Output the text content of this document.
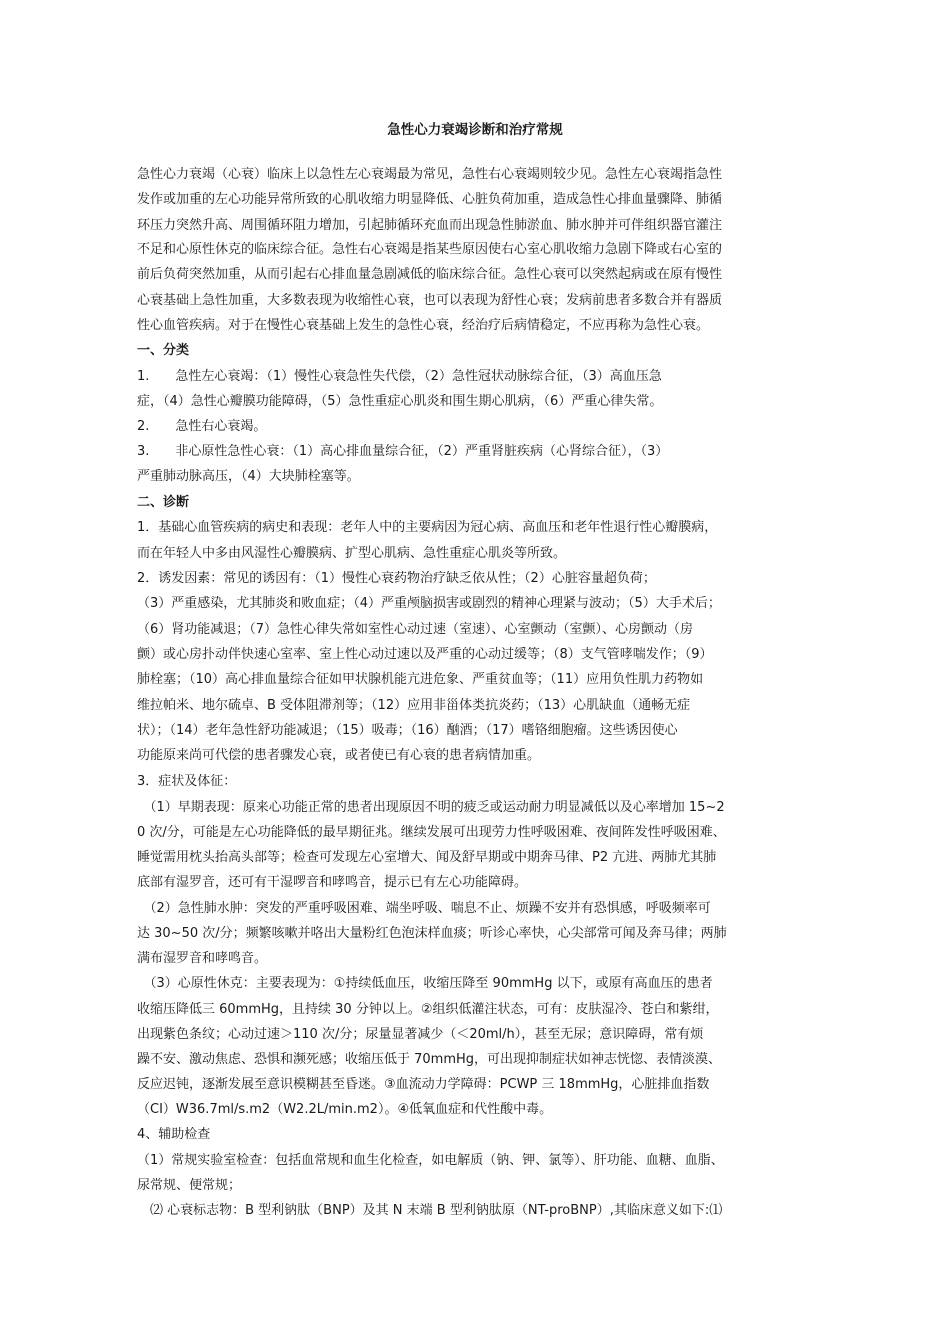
急性心力衰竭诊断和治疗常规
急性心力衰竭（心衰）临床上以急性左心衰竭最为常见，急性右心衰竭则较少见。急性左心衰竭指急性
发作或加重的左心功能异常所致的心肌收缩力明显降低、心脏负荷加重，造成急性心排血量骤降、肺循
环压力突然升高、周围循环阻力增加，引起肺循环充血而出现急性肺淤血、肺水肿并可伴组织器官灌注
不足和心原性休克的临床综合征。急性右心衰竭是指某些原因使右心室心肌收缩力急剧下降或右心室的
前后负荷突然加重，从而引起右心排血量急剧减低的临床综合征。急性心衰可以突然起病或在原有慢性
心衰基础上急性加重，大多数表现为收缩性心衰，也可以表现为舒性心衰；发病前患者多数合并有器质
性心血管疾病。对于在慢性心衰基础上发生的急性心衰，经治疗后病情稳定，不应再称为急性心衰。
一、分类
1.　　急性左心衰竭：（1）慢性心衰急性失代偿，（2）急性冠状动脉综合征，（3）高血压急
症，（4）急性心瓣膜功能障碍，（5）急性重症心肌炎和围生期心肌病，（6）严重心律失常。
2.　　急性右心衰竭。
3.　　非心原性急性心衰：（1）高心排血量综合征，（2）严重肾脏疾病（心肾综合征），（3）
严重肺动脉高压，（4）大块肺栓塞等。
二、诊断
1．基础心血管疾病的病史和表现：老年人中的主要病因为冠心病、高血压和老年性退行性心瓣膜病，
而在年轻人中多由风湿性心瓣膜病、扩型心肌病、急性重症心肌炎等所致。
2．诱发因素：常见的诱因有：（1）慢性心衰药物治疗缺乏依从性；（2）心脏容量超负荷；
（3）严重感染，尤其肺炎和败血症；（4）严重颅脑损害或剧烈的精神心理紧与波动；（5）大手术后；
（6）肾功能减退；（7）急性心律失常如室性心动过速（室速）、心室颤动（室颤）、心房颤动（房
颤）或心房扑动伴快速心室率、室上性心动过速以及严重的心动过缓等；（8）支气管哮喘发作；（9）
肺栓塞；（10）高心排血量综合征如甲状腺机能亢进危象、严重贫血等；（11）应用负性肌力药物如
维拉帕米、地尔硫卓、B 受体阻滞剂等；（12）应用非甾体类抗炎药；（13）心肌缺血（通畅无症
状）；（14）老年急性舒功能减退；（15）吸毒；（16）酗酒；（17）嗜铬细胞瘤。这些诱因使心
功能原来尚可代偿的患者骤发心衰，或者使已有心衰的患者病情加重。
3．症状及体征：
　（1）早期表现：原来心功能正常的患者出现原因不明的疲乏或运动耐力明显减低以及心率增加 15~2
0 次/分，可能是左心功能降低的最早期征兆。继续发展可出现劳力性呼吸困难、夜间阵发性呼吸困难、
睡觉需用枕头抬高头部等；检查可发现左心室增大、闻及舒早期或中期奔马律、P2 亢进、两肺尤其肺
底部有湿罗音，还可有干湿啰音和哮鸣音，提示已有左心功能障碍。
　（2）急性肺水肿：突发的严重呼吸困难、端坐呼吸、喘息不止、烦躁不安并有恐惧感，呼吸频率可
达 30~50 次/分；频繁咳嗽并咯出大量粉红色泡沫样血痰；听诊心率快，心尖部常可闻及奔马律；两肺
满布湿罗音和哮鸣音。
　（3）心原性休克：主要表现为：①持续低血压，收缩压降至 90mmHg 以下，或原有高血压的患者
收缩压降低三 60mmHg，且持续 30 分钟以上。②组织低灌注状态，可有：皮肤湿冷、苍白和紫绀，
出现紫色条纹；心动过速＞110 次/分；尿量显著减少（＜20ml/h），甚至无尿；意识障碍，常有烦
躁不安、激动焦虑、恐惧和濒死感；收缩压低于 70mmHg，可出现抑制症状如神志恍惚、表情淡漠、
反应迟钝，逐渐发展至意识模糊甚至昏迷。③血流动力学障碍：PCWP 三 18mmHg，心脏排血指数
（CI）W36.7ml/s.m2（W2.2L/min.m2）。④低氧血症和代性酸中毒。
4、辅助检查
（1）常规实验室检查：包括血常规和血生化检查，如电解质（钠、钾、氯等）、肝功能、血糖、血脂、
尿常规、便常规；
　⑵ 心衰标志物：B 型利钠肽（BNP）及其 N 末端 B 型利钠肽原（NT-proBNP）,其临床意义如下:⑴
